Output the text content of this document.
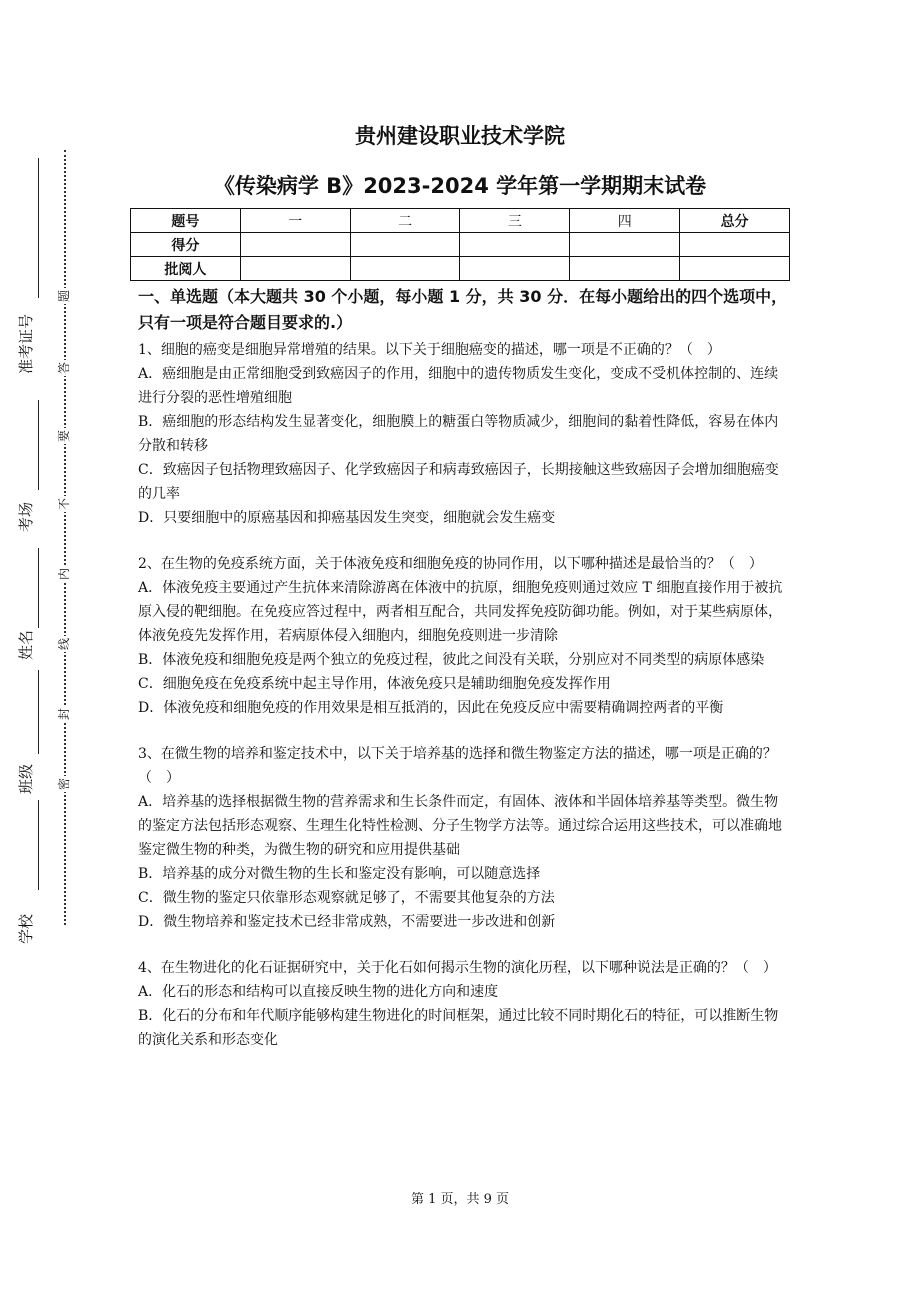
准考证号
考场
姓名
班级
学校
题
答
要
不
内
线
封
密
贵州建设职业技术学院
《传染病学 B》2023-2024 学年第一学期期末试卷
题号	一	二	三	四	总分
得分					
批阅人					
一、单选题（本大题共 30 个小题，每小题 1 分，共 30 分．在每小题给出的四个选项中，只有一项是符合题目要求的.）
1、细胞的癌变是细胞异常增殖的结果。以下关于细胞癌变的描述，哪一项是不正确的？（　）
A．癌细胞是由正常细胞受到致癌因子的作用，细胞中的遗传物质发生变化，变成不受机体控制的、连续进行分裂的恶性增殖细胞
B．癌细胞的形态结构发生显著变化，细胞膜上的糖蛋白等物质减少，细胞间的黏着性降低，容易在体内分散和转移
C．致癌因子包括物理致癌因子、化学致癌因子和病毒致癌因子，长期接触这些致癌因子会增加细胞癌变的几率
D．只要细胞中的原癌基因和抑癌基因发生突变，细胞就会发生癌变
2、在生物的免疫系统方面，关于体液免疫和细胞免疫的协同作用，以下哪种描述是最恰当的？（　）
A．体液免疫主要通过产生抗体来清除游离在体液中的抗原，细胞免疫则通过效应 T 细胞直接作用于被抗原入侵的靶细胞。在免疫应答过程中，两者相互配合，共同发挥免疫防御功能。例如，对于某些病原体，体液免疫先发挥作用，若病原体侵入细胞内，细胞免疫则进一步清除
B．体液免疫和细胞免疫是两个独立的免疫过程，彼此之间没有关联，分别应对不同类型的病原体感染
C．细胞免疫在免疫系统中起主导作用，体液免疫只是辅助细胞免疫发挥作用
D．体液免疫和细胞免疫的作用效果是相互抵消的，因此在免疫反应中需要精确调控两者的平衡
3、在微生物的培养和鉴定技术中，以下关于培养基的选择和微生物鉴定方法的描述，哪一项是正确的？（　）
A．培养基的选择根据微生物的营养需求和生长条件而定，有固体、液体和半固体培养基等类型。微生物的鉴定方法包括形态观察、生理生化特性检测、分子生物学方法等。通过综合运用这些技术，可以准确地鉴定微生物的种类，为微生物的研究和应用提供基础
B．培养基的成分对微生物的生长和鉴定没有影响，可以随意选择
C．微生物的鉴定只依靠形态观察就足够了，不需要其他复杂的方法
D．微生物培养和鉴定技术已经非常成熟，不需要进一步改进和创新
4、在生物进化的化石证据研究中，关于化石如何揭示生物的演化历程，以下哪种说法是正确的？（　）
A．化石的形态和结构可以直接反映生物的进化方向和速度
B．化石的分布和年代顺序能够构建生物进化的时间框架，通过比较不同时期化石的特征，可以推断生物的演化关系和形态变化
第 1 页，共 9 页
